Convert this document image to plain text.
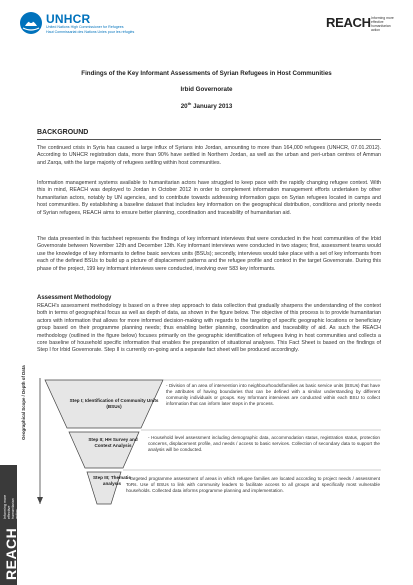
UNHCR
United Nations High Commissioner for Refugees
Haut Commissariat des Nations Unies pour les réfugiés
REACH Informing more effective humanitarian action
Findings of the Key Informant Assessments of Syrian Refugees in Host Communities
Irbid Governorate
20th January 2013
BACKGROUND
The continued crisis in Syria has caused a large influx of Syrians into Jordan, amounting to more than 164,000 refugees (UNHCR, 07.01.2012). According to UNHCR registration data, more than 90% have settled in Northern Jordan, as well as the urban and peri-urban centres of Amman and Zarqa, with the large majority of refugees settling within host communities.
Information management systems available to humanitarian actors have struggled to keep pace with the rapidly changing refugee context. With this in mind, REACH was deployed to Jordan in October 2012 in order to complement information management efforts undertaken by other humanitarian actors, notably by UN agencies, and to contribute towards addressing information gaps on Syrian refugees located in camps and host communities. By establishing a baseline dataset that includes key information on the geographical distribution, conditions and priority needs of Syrian refugees, REACH aims to ensure better planning, coordination and traceability of humanitarian aid.
The data presented in this factsheet represents the findings of key informant interviews that were conducted in the host communities of the Irbid Governorate between November 12th and December 13th. Key informant interviews were conducted in two stages; first, assessment teams would use the knowledge of key informants to define basic services units (BSUs); secondly, interviews would take place with a set of key informants from each of the defined BSUs to build up a picture of displacement patterns and the refugee profile and context in the target Governorate. During this phase of the project, 199 key informant interviews were conducted, involving over 583 key informants.
Assessment Methodology
REACH's assessment methodology is based on a three step approach to data collection that gradually sharpens the understanding of the context both in terms of geographical focus as well as depth of data, as shown in the figure below. The objective of this process is to provide humanitarian actors with information that allows for more informed decision-making with regards to the targeting of specific geographic locations or beneficiary group based on their programme planning needs; thus enabling better planning, coordination and traceability of aid. As such the REACH methodology (outlined in the figure below) focuses primarily on the geographic identification of refugees living in host communities and collects a core baseline of household specific information that enables the preparation of situational analyses. This Fact Sheet is based on the findings of Step I for Irbid Governorate. Step II is currently on-going and a separate fact sheet will be produced accordingly.
Geographical Scope / Depth of Data	Step I; Identification of Community Units (BSUs)
- Division of an area of intervention into neighbourhoods/families as basic service units (BSUs) that have the attributes of having boundaries that can be defined with a similar understanding by different community individuals or groups. Key Informant interviews are conducted within each BSU to collect information that can inform later steps in the process.
Step II; HH Survey and Context Analysis
- Household level assessment including demographic data, accommodation status, registration status, protection concerns, displacement profile, and needs / access to basic services. Collection of secondary data to support the analysis will be conducted.
Step III; Thematic analysis
- Targeted programme assessment of areas in which refugee families are located according to project needs / assessment ToRs. Use of BSUs to link with community leaders to facilitate access to all groups and specifically most vulnerable households. Collected data informs programme planning and implementation.
REACH
Informing more effective humanitarian action
